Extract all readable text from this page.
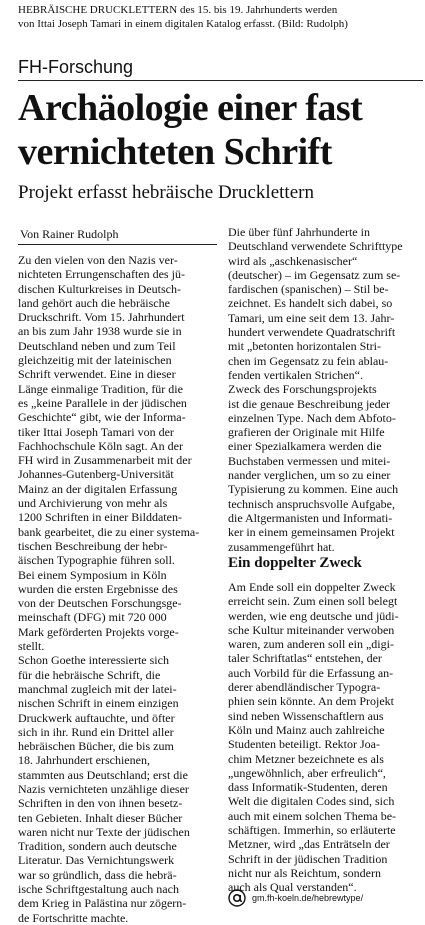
HEBRÄISCHE DRUCKLETTERN des 15. bis 19. Jahrhunderts werden
von Ittai Joseph Tamari in einem digitalen Katalog erfasst. (Bild: Rudolph)
FH-Forschung
Archäologie einer fast
vernichteten Schrift
Projekt erfasst hebräische Drucklettern
Von Rainer Rudolph
Zu den vielen von den Nazis ver-
nichteten Errungenschaften des jü-
dischen Kulturkreises in Deutsch-
land gehört auch die hebräische
Druckschrift. Vom 15. Jahrhundert
an bis zum Jahr 1938 wurde sie in
Deutschland neben und zum Teil
gleichzeitig mit der lateinischen
Schrift verwendet. Eine in dieser
Länge einmalige Tradition, für die
es „keine Parallele in der jüdischen
Geschichte“ gibt, wie der Informa-
tiker Ittai Joseph Tamari von der
Fachhochschule Köln sagt. An der
FH wird in Zusammenarbeit mit der
Johannes-Gutenberg-Universität
Mainz an der digitalen Erfassung
und Archivierung von mehr als
1200 Schriften in einer Bilddaten-
bank gearbeitet, die zu einer systema-
tischen Beschreibung der hebr-
äischen Typographie führen soll.
Bei einem Symposium in Köln
wurden die ersten Ergebnisse des
von der Deutschen Forschungsge-
meinschaft (DFG) mit 720 000
Mark geförderten Projekts vorge-
stellt.
Schon Goethe interessierte sich
für die hebräische Schrift, die
manchmal zugleich mit der latei-
nischen Schrift in einem einzigen
Druckwerk auftauchte, und öfter
sich in ihr. Rund ein Drittel aller
hebräischen Bücher, die bis zum
18. Jahrhundert erschienen,
stammten aus Deutschland; erst die
Nazis vernichteten unzählige dieser
Schriften in den von ihnen besetz-
ten Gebieten. Inhalt dieser Bücher
waren nicht nur Texte der jüdischen
Tradition, sondern auch deutsche
Literatur. Das Vernichtungswerk
war so gründlich, dass die hebrä-
ische Schriftgestaltung auch nach
dem Krieg in Palästina nur zögern-
de Fortschritte machte.
Die über fünf Jahrhunderte in
Deutschland verwendete Schrifttype
wird als „aschkenasischer“
(deutscher) – im Gegensatz zum se-
fardischen (spanischen) – Stil be-
zeichnet. Es handelt sich dabei, so
Tamari, um eine seit dem 13. Jahr-
hundert verwendete Quadratschrift
mit „betonten horizontalen Stri-
chen im Gegensatz zu fein ablau-
fenden vertikalen Strichen“.
Zweck des Forschungsprojekts
ist die genaue Beschreibung jeder
einzelnen Type. Nach dem Abfoto-
grafieren der Originale mit Hilfe
einer Spezialkamera werden die
Buchstaben vermessen und mitei-
nander verglichen, um so zu einer
Typisierung zu kommen. Eine auch
technisch anspruchsvolle Aufgabe,
die Altgermanisten und Informati-
ker in einem gemeinsamen Projekt
zusammengeführt hat.
Ein doppelter Zweck
Am Ende soll ein doppelter Zweck
erreicht sein. Zum einen soll belegt
werden, wie eng deutsche und jüdi-
sche Kultur miteinander verwoben
waren, zum anderen soll ein „digi-
taler Schriftatlas“ entstehen, der
auch Vorbild für die Erfassung an-
derer abendländischer Typogra-
phien sein könnte. An dem Projekt
sind neben Wissenschaftlern aus
Köln und Mainz auch zahlreiche
Studenten beteiligt. Rektor Joa-
chim Metzner bezeichnete es als
„ungewöhnlich, aber erfreulich“,
dass Informatik-Studenten, deren
Welt die digitalen Codes sind, sich
auch mit einem solchen Thema be-
schäftigen. Immerhin, so erläuterte
Metzner, wird „das Enträtseln der
Schrift in der jüdischen Tradition
nicht nur als Reichtum, sondern
auch als Qual verstanden“.
gm.fh-koeln.de/hebrewtype/
